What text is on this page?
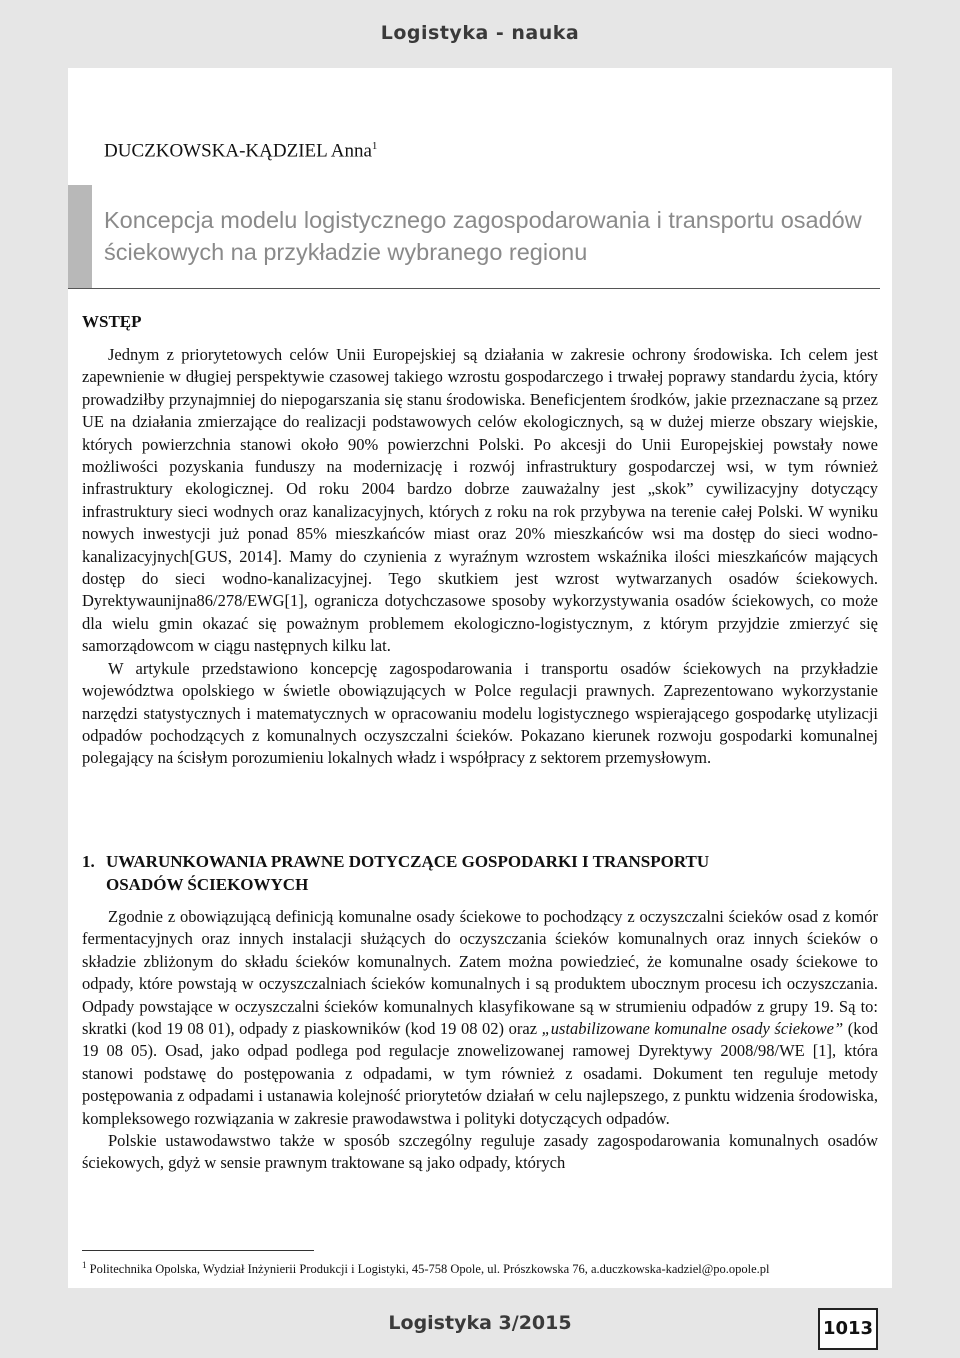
Logistyka - nauka
DUCZKOWSKA-KĄDZIEL Anna$^1$
Koncepcja modelu logistycznego zagospodarowania i transportu osadów ściekowych na przykładzie wybranego regionu
WSTĘP

Jednym z priorytetowych celów Unii Europejskiej są działania w zakresie ochrony środowiska. Ich celem jest zapewnienie w długiej perspektywie czasowej takiego wzrostu gospodarczego i trwałej poprawy standardu życia, który prowadziłby przynajmniej do niepogarszania się stanu środowiska. Beneficjentem środków, jakie przeznaczane są przez UE na działania zmierzające do realizacji podstawowych celów ekologicznych, są w dużej mierze obszary wiejskie, których powierzchnia stanowi około 90% powierzchni Polski. Po akcesji do Unii Europejskiej powstały nowe możliwości pozyskania funduszy na modernizację i rozwój infrastruktury gospodarczej wsi, w tym również infrastruktury ekologicznej. Od roku 2004 bardzo dobrze zauważalny jest „skok” cywilizacyjny dotyczący infrastruktury sieci wodnych oraz kanalizacyjnych, których z roku na rok przybywa na terenie całej Polski. W wyniku nowych inwestycji już ponad 85% mieszkańców miast oraz 20% mieszkańców wsi ma dostęp do sieci wodno-kanalizacyjnych[GUS, 2014]. Mamy do czynienia z wyraźnym wzrostem wskaźnika ilości mieszkańców mających dostęp do sieci wodno-kanalizacyjnej. Tego skutkiem jest wzrost wytwarzanych osadów ściekowych. Dyrektywaunijna86/278/EWG[1], ogranicza dotychczasowe sposoby wykorzystywania osadów ściekowych, co może dla wielu gmin okazać się poważnym problemem ekologiczno-logistycznym, z którym przyjdzie zmierzyć się samorządowcom w ciągu następnych kilku lat.

W artykule przedstawiono koncepcję zagospodarowania i transportu osadów ściekowych na przykładzie województwa opolskiego w świetle obowiązujących w Polce regulacji prawnych. Zaprezentowano wykorzystanie narzędzi statystycznych i matematycznych w opracowaniu modelu logistycznego wspierającego gospodarkę utylizacji odpadów pochodzących z komunalnych oczyszczalni ścieków. Pokazano kierunek rozwoju gospodarki komunalnej polegający na ścisłym porozumieniu lokalnych władz i współpracy z sektorem przemysłowym.

1. UWARUNKOWANIA PRAWNE DOTYCZĄCE GOSPODARKI I TRANSPORTU
OSADÓW ŚCIEKOWYCH

Zgodnie z obowiązującą definicją komunalne osady ściekowe to pochodzący z oczyszczalni ścieków osad z komór fermentacyjnych oraz innych instalacji służących do oczyszczania ścieków komunalnych oraz innych ścieków o składzie zbliżonym do składu ścieków komunalnych. Zatem można powiedzieć, że komunalne osady ściekowe to odpady, które powstają w oczyszczalniach ścieków komunalnych i są produktem ubocznym procesu ich oczyszczania. Odpady powstające w oczyszczalni ścieków komunalnych klasyfikowane są w strumieniu odpadów z grupy 19. Są to: skratki (kod 19 08 01), odpady z piaskowników (kod 19 08 02) oraz „ustabilizowane komunalne osady ściekowe” (kod 19 08 05). Osad, jako odpad podlega pod regulacje znowelizowanej ramowej Dyrektywy 2008/98/WE [1], która stanowi podstawę do postępowania z odpadami, w tym również z osadami. Dokument ten reguluje metody postępowania z odpadami i ustanawia kolejność priorytetów działań w celu najlepszego, z punktu widzenia środowiska, kompleksowego rozwiązania w zakresie prawodawstwa i polityki dotyczących odpadów.

Polskie ustawodawstwo także w sposób szczególny reguluje zasady zagospodarowania komunalnych osadów ściekowych, gdyż w sensie prawnym traktowane są jako odpady, których

$^1$ Politechnika Opolska, Wydział Inżynierii Produkcji i Logistyki, 45-758 Opole, ul. Prószkowska 76, a.duczkowska-kadziel@po.opole.pl
Logistyka 3/2015	1013
